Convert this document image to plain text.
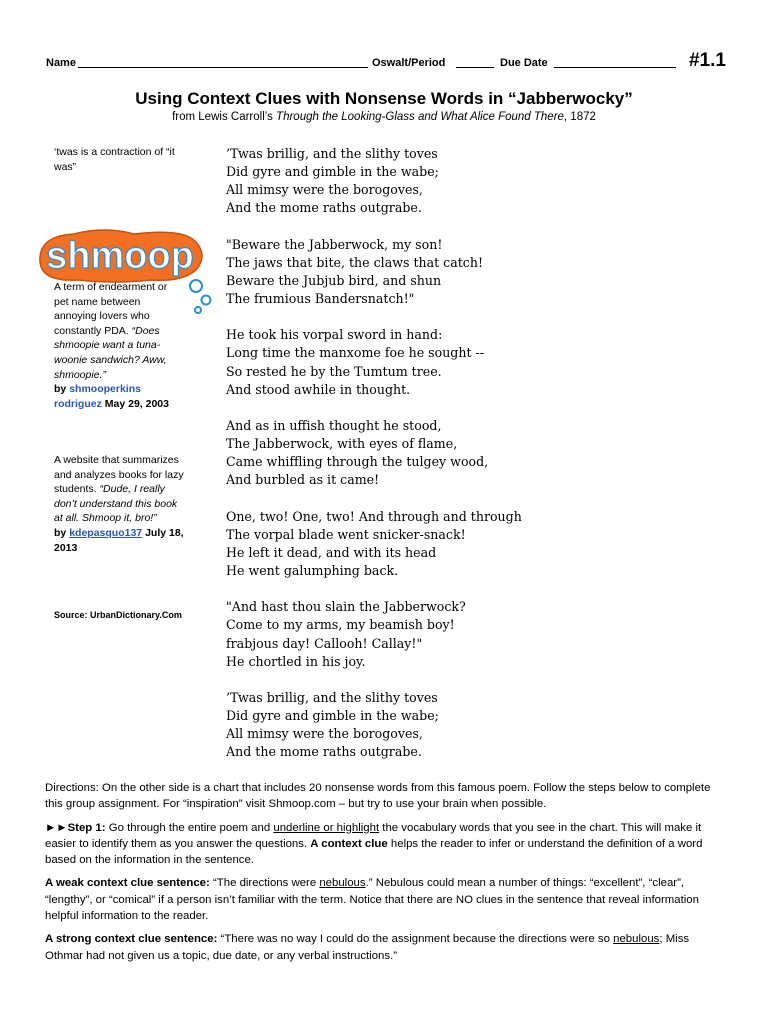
Name	Oswalt/Period	Due Date	#1.1
Using Context Clues with Nonsense Words in “Jabberwocky”
from Lewis Carroll’s Through the Looking-Glass and What Alice Found There, 1872
‘twas is a contraction of “it was”
shmoop
A term of endearment or pet name between annoying lovers who constantly PDA. “Does shmoopie want a tuna-woonie sandwich? Aww, shmoopie.”
by shmooperkins rodriguez May 29, 2003
A website that summarizes and analyzes books for lazy students. “Dude, I really don’t understand this book at all. Shmoop it, bro!”
by kdepasquo137 July 18, 2013
Source: UrbanDictionary.Com
’Twas brillig, and the slithy toves
Did gyre and gimble in the wabe;
All mimsy were the borogoves,
And the mome raths outgrabe.
"Beware the Jabberwock, my son!
The jaws that bite, the claws that catch!
Beware the Jubjub bird, and shun
The frumious Bandersnatch!"
He took his vorpal sword in hand:
Long time the manxome foe he sought --
So rested he by the Tumtum tree.
And stood awhile in thought.
And as in uffish thought he stood,
The Jabberwock, with eyes of flame,
Came whiffling through the tulgey wood,
And burbled as it came!
One, two! One, two! And through and through
The vorpal blade went snicker-snack!
He left it dead, and with its head
He went galumphing back.
"And hast thou slain the Jabberwock?
Come to my arms, my beamish boy!
frabjous day! Callooh! Callay!"
He chortled in his joy.
’Twas brillig, and the slithy toves
Did gyre and gimble in the wabe;
All mimsy were the borogoves,
And the mome raths outgrabe.

Directions: On the other side is a chart that includes 20 nonsense words from this famous poem. Follow the steps below to complete this group assignment. For “inspiration” visit Shmoop.com – but try to use your brain when possible.

►►Step 1: Go through the entire poem and underline or highlight the vocabulary words that you see in the chart. This will make it easier to identify them as you answer the questions. A context clue helps the reader to infer or understand the definition of a word based on the information in the sentence.

A weak context clue sentence: “The directions were nebulous.” Nebulous could mean a number of things: “excellent”, “clear”, “lengthy”, or “comical” if a person isn’t familiar with the term. Notice that there are NO clues in the sentence that reveal information helpful information to the reader.

A strong context clue sentence: “There was no way I could do the assignment because the directions were so nebulous; Miss Othmar had not given us a topic, due date, or any verbal instructions.”
